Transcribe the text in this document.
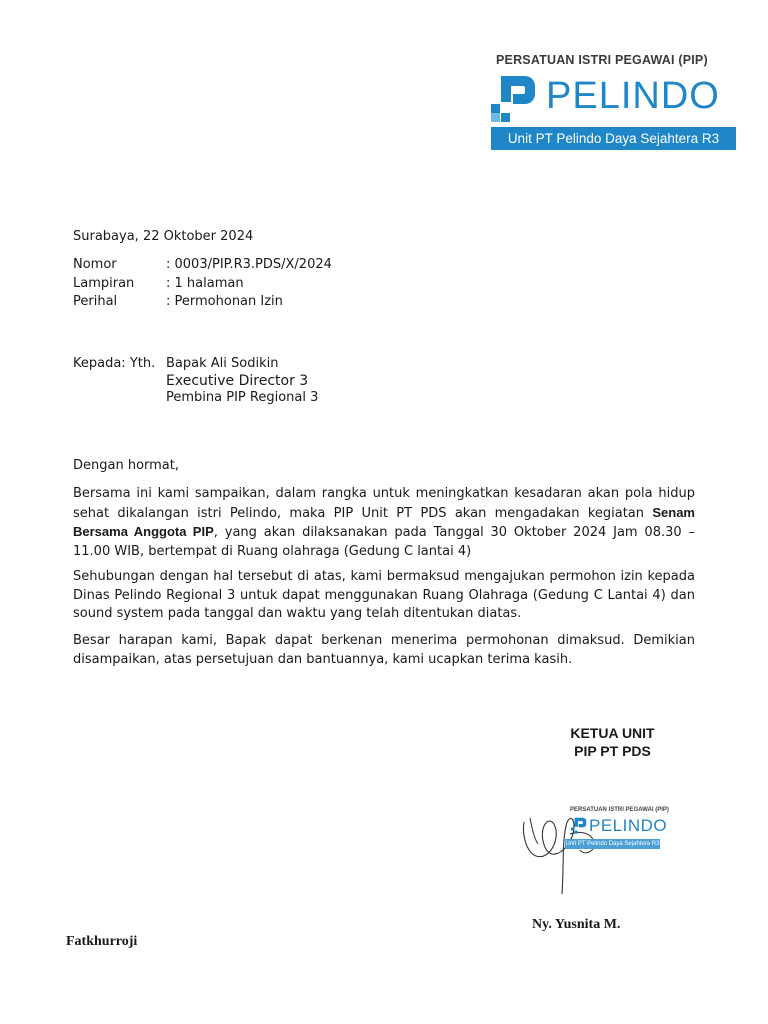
PERSATUAN ISTRI PEGAWAI (PIP)
PELINDO
Unit PT Pelindo Daya Sejahtera R3
Surabaya, 22 Oktober 2024
Nomor	: 0003/PIP.R3.PDS/X/2024
Lampiran : 1 halaman
Perihal	: Permohonan Izin
Kepada: Yth. Bapak Ali Sodikin
Executive Director 3
Pembina PIP Regional 3
Dengan hormat,
Bersama ini kami sampaikan, dalam rangka untuk meningkatkan kesadaran akan pola hidup sehat dikalangan istri Pelindo, maka PIP Unit PT PDS akan mengadakan kegiatan Senam Bersama Anggota PIP, yang akan dilaksanakan pada Tanggal 30 Oktober 2024 Jam 08.30 – 11.00 WIB, bertempat di Ruang olahraga (Gedung C lantai 4)
Sehubungan dengan hal tersebut di atas, kami bermaksud mengajukan permohon izin kepada Dinas Pelindo Regional 3 untuk dapat menggunakan Ruang Olahraga (Gedung C Lantai 4) dan sound system pada tanggal dan waktu yang telah ditentukan diatas.
Besar harapan kami, Bapak dapat berkenan menerima permohonan dimaksud. Demikian disampaikan, atas persetujuan dan bantuannya, kami ucapkan terima kasih.
KETUA UNIT
PIP PT PDS
PERSATUAN ISTRI PEGAWAI (PIP)
PELINDO
Unit PT Pelindo Daya Sejahtera R3
Ny. Yusnita M.
Fatkhurroji
